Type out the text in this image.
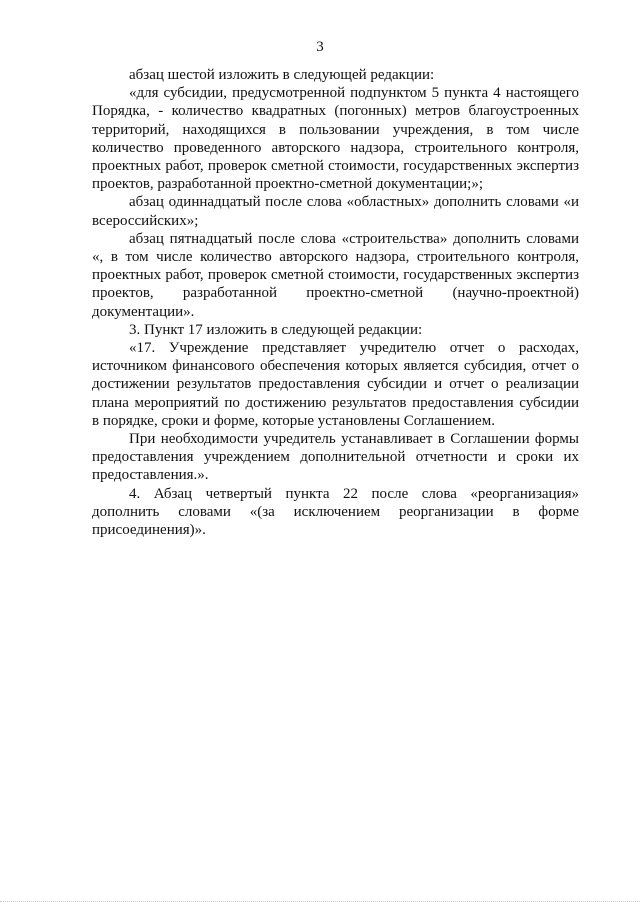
3
абзац шестой изложить в следующей редакции:
«для субсидии, предусмотренной подпунктом 5 пункта 4 настоящего
Порядка, - количество квадратных (погонных) метров благоустроенных
территорий, находящихся в пользовании учреждения, в том числе
количество проведенного авторского надзора, строительного контроля,
проектных работ, проверок сметной стоимости, государственных экспертиз
проектов, разработанной проектно-сметной документации;»;
абзац одиннадцатый после слова «областных» дополнить словами «и
всероссийских»;
абзац пятнадцатый после слова «строительства» дополнить словами
«, в том числе количество авторского надзора, строительного контроля,
проектных работ, проверок сметной стоимости, государственных экспертиз
проектов, разработанной проектно-сметной (научно-проектной)
документации».
3. Пункт 17 изложить в следующей редакции:
«17. Учреждение представляет учредителю отчет о расходах,
источником финансового обеспечения которых является субсидия, отчет о
достижении результатов предоставления субсидии и отчет о реализации
плана мероприятий по достижению результатов предоставления субсидии
в порядке, сроки и форме, которые установлены Соглашением.
При необходимости учредитель устанавливает в Соглашении формы
предоставления учреждением дополнительной отчетности и сроки их
предоставления.».
4. Абзац четвертый пункта 22 после слова «реорганизация»
дополнить словами «(за исключением реорганизации в форме
присоединения)».
